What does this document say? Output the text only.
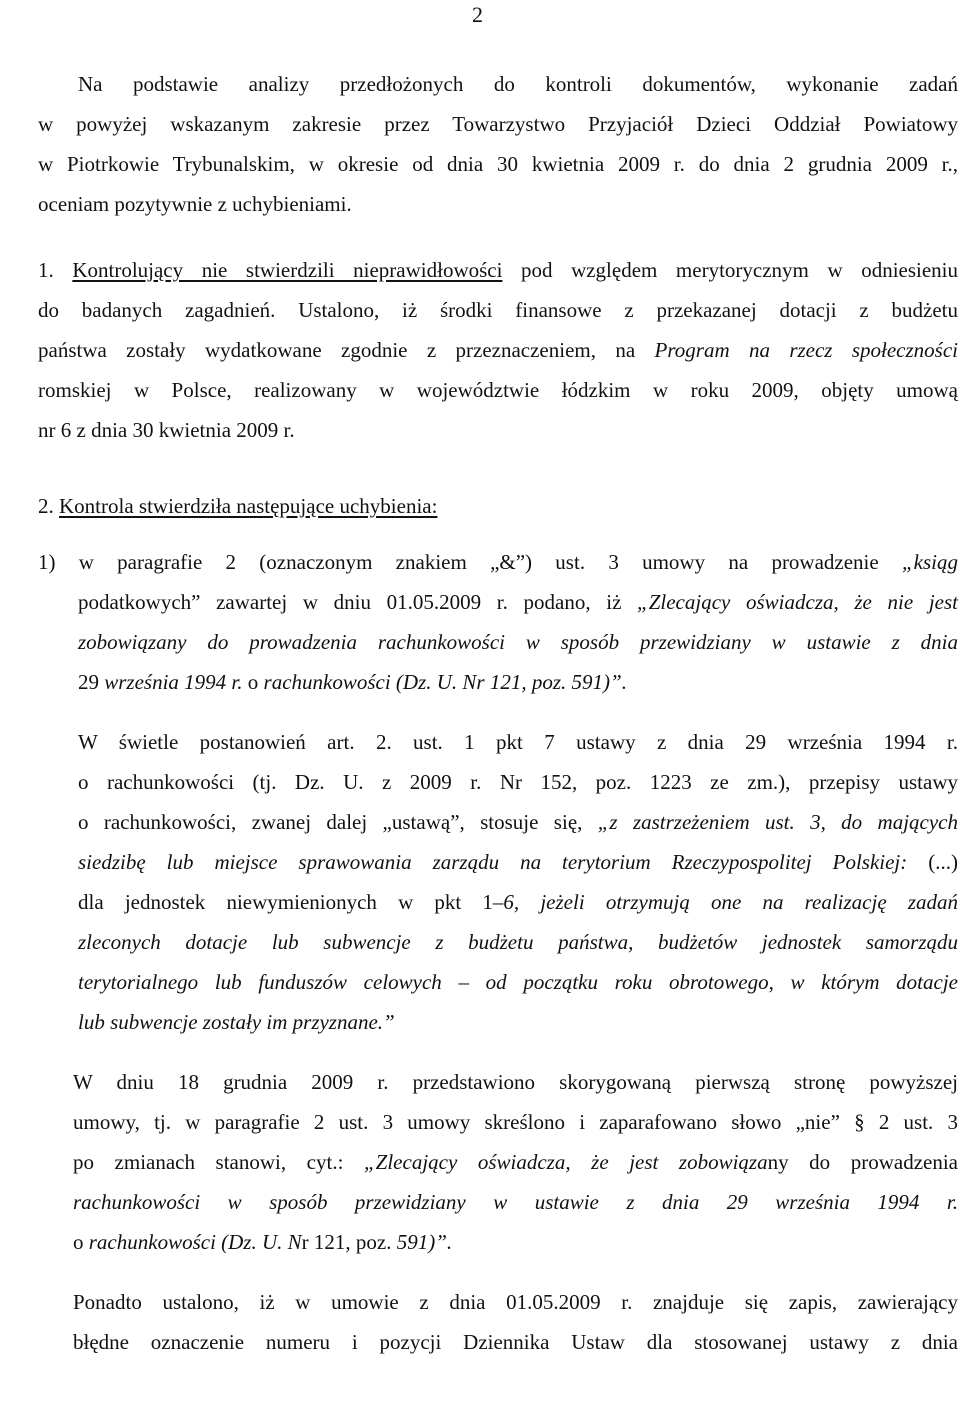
2
Na podstawie analizy przedłożonych do kontroli dokumentów, wykonanie zadań
w powyżej wskazanym zakresie przez Towarzystwo Przyjaciół Dzieci Oddział Powiatowy
w Piotrkowie Trybunalskim, w okresie od dnia 30 kwietnia 2009 r. do dnia 2 grudnia 2009 r.,
oceniam pozytywnie z uchybieniami.
1. Kontrolujący nie stwierdzili nieprawidłowości pod względem merytorycznym w odniesieniu
do badanych zagadnień. Ustalono, iż środki finansowe z przekazanej dotacji z budżetu
państwa zostały wydatkowane zgodnie z przeznaczeniem, na Program na rzecz społeczności
romskiej w Polsce, realizowany w województwie łódzkim w roku 2009, objęty umową
nr 6 z dnia 30 kwietnia 2009 r.
2. Kontrola stwierdziła następujące uchybienia:
1) w paragrafie 2 (oznaczonym znakiem „&”) ust. 3 umowy na prowadzenie „ksiąg
podatkowych” zawartej w dniu 01.05.2009 r. podano, iż „Zlecający oświadcza, że nie jest
zobowiązany do prowadzenia rachunkowości w sposób przewidziany w ustawie z dnia
29 września 1994 r. o rachunkowości (Dz. U. Nr 121, poz. 591)”.
W świetle postanowień art. 2. ust. 1 pkt 7 ustawy z dnia 29 września 1994 r.
o rachunkowości (tj. Dz. U. z 2009 r. Nr 152, poz. 1223 ze zm.), przepisy ustawy
o rachunkowości, zwanej dalej „ustawą”, stosuje się, „z zastrzeżeniem ust. 3, do mających
siedzibę lub miejsce sprawowania zarządu na terytorium Rzeczypospolitej Polskiej: (...)
dla jednostek niewymienionych w pkt 1–6, jeżeli otrzymują one na realizację zadań
zleconych dotacje lub subwencje z budżetu państwa, budżetów jednostek samorządu
terytorialnego lub funduszów celowych – od początku roku obrotowego, w którym dotacje
lub subwencje zostały im przyznane.”
W dniu 18 grudnia 2009 r. przedstawiono skorygowaną pierwszą stronę powyższej
umowy, tj. w paragrafie 2 ust. 3 umowy skreślono i zaparafowano słowo „nie” § 2 ust. 3
po zmianach stanowi, cyt.: „Zlecający oświadcza, że jest zobowiązany do prowadzenia
rachunkowości w sposób przewidziany w ustawie z dnia 29 września 1994 r.
o rachunkowości (Dz. U. Nr 121, poz. 591)”.
Ponadto ustalono, iż w umowie z dnia 01.05.2009 r. znajduje się zapis, zawierający
błędne oznaczenie numeru i pozycji Dziennika Ustaw dla stosowanej ustawy z dnia
